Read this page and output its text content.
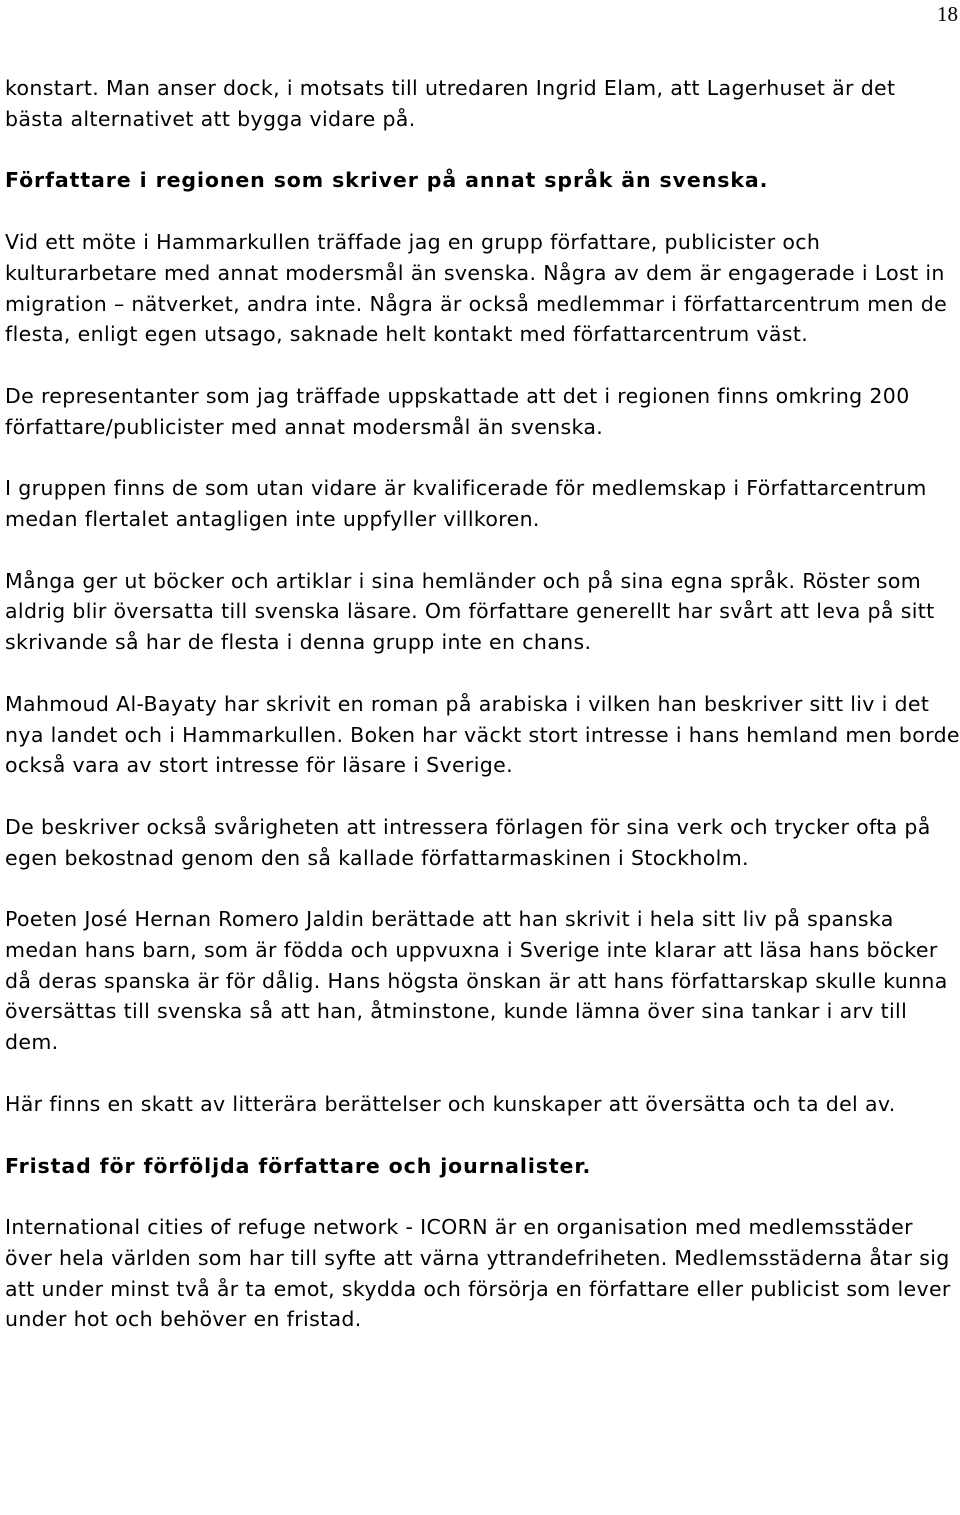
18

konstart. Man anser dock, i motsats till utredaren Ingrid Elam, att Lagerhuset är det bästa alternativet att bygga vidare på.

Författare i regionen som skriver på annat språk än svenska.

Vid ett möte i Hammarkullen träffade jag en grupp författare, publicister och kulturarbetare med annat modersmål än svenska. Några av dem är engagerade i Lost in migration – nätverket, andra inte. Några är också medlemmar i författarcentrum men de flesta, enligt egen utsago, saknade helt kontakt med författarcentrum väst.

De representanter som jag träffade uppskattade att det i regionen finns omkring 200 författare/publicister med annat modersmål än svenska.

I gruppen finns de som utan vidare är kvalificerade för medlemskap i Författarcentrum medan flertalet antagligen inte uppfyller villkoren.

Många ger ut böcker och artiklar i sina hemländer och på sina egna språk. Röster som aldrig blir översatta till svenska läsare. Om författare generellt har svårt att leva på sitt skrivande så har de flesta i denna grupp inte en chans.

Mahmoud Al-Bayaty har skrivit en roman på arabiska i vilken han beskriver sitt liv i det nya landet och i Hammarkullen. Boken har väckt stort intresse i hans hemland men borde också vara av stort intresse för läsare i Sverige.

De beskriver också svårigheten att intressera förlagen för sina verk och trycker ofta på egen bekostnad genom den så kallade författarmaskinen i Stockholm.

Poeten José Hernan Romero Jaldin berättade att han skrivit i hela sitt liv på spanska medan hans barn, som är födda och uppvuxna i Sverige inte klarar att läsa hans böcker då deras spanska är för dålig. Hans högsta önskan är att hans författarskap skulle kunna översättas till svenska så att han, åtminstone, kunde lämna över sina tankar i arv till dem.

Här finns en skatt av litterära berättelser och kunskaper att översätta och ta del av.

Fristad för förföljda författare och journalister.

International cities of refuge network - ICORN är en organisation med medlemsstäder över hela världen som har till syfte att värna yttrandefriheten. Medlemsstäderna åtar sig att under minst två år ta emot, skydda och försörja en författare eller publicist som lever under hot och behöver en fristad.
